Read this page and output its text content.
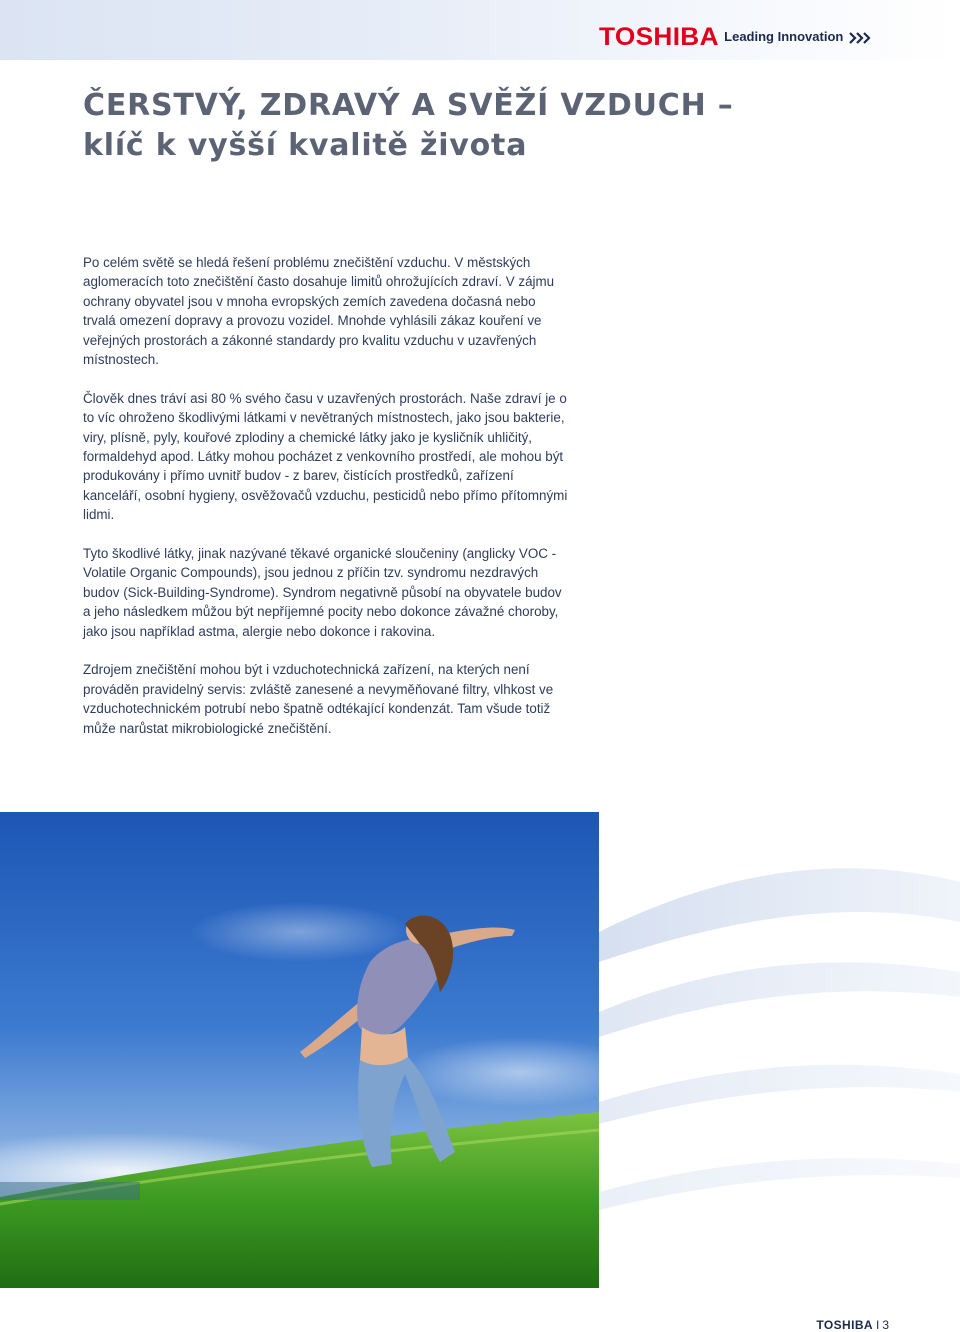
TOSHIBA Leading Innovation
ČERSTVÝ, ZDRAVÝ A SVĚŽÍ VZDUCH –
klíč k vyšší kvalitě života

Po celém světě se hledá řešení problému znečištění vzduchu. V městských aglomeracích toto znečištění často dosahuje limitů ohrožujících zdraví. V zájmu ochrany obyvatel jsou v mnoha evropských zemích zavedena dočasná nebo trvalá omezení dopravy a provozu vozidel. Mnohde vyhlásili zákaz kouření ve veřejných prostorách a zákonné standardy pro kvalitu vzduchu v uzavřených místnostech.

Člověk dnes tráví asi 80 % svého času v uzavřených prostorách. Naše zdraví je o to víc ohroženo škodlivými látkami v nevětraných místnostech, jako jsou bakterie, viry, plísně, pyly, kouřové zplodiny a chemické látky jako je kysličník uhličitý, formaldehyd apod. Látky mohou pocházet z venkovního prostředí, ale mohou být produkovány i přímo uvnitř budov - z barev, čistících prostředků, zařízení kanceláří, osobní hygieny, osvěžovačů vzduchu, pesticidů nebo přímo přítomnými lidmi.

Tyto škodlivé látky, jinak nazývané těkavé organické sloučeniny (anglicky VOC - Volatile Organic Compounds), jsou jednou z příčin tzv. syndromu nezdravých budov (Sick-Building-Syndrome). Syndrom negativně působí na obyvatele budov a jeho následkem můžou být nepříjemné pocity nebo dokonce závažné choroby, jako jsou například astma, alergie nebo dokonce i rakovina.

Zdrojem znečištění mohou být i vzduchotechnická zařízení, na kterých není prováděn pravidelný servis: zvláště zanesené a nevyměňované filtry, vlhkost ve vzduchotechnickém potrubí nebo špatně odtékající kondenzát. Tam všude totiž může narůstat mikrobiologické znečištění.

TOSHIBA I 3
